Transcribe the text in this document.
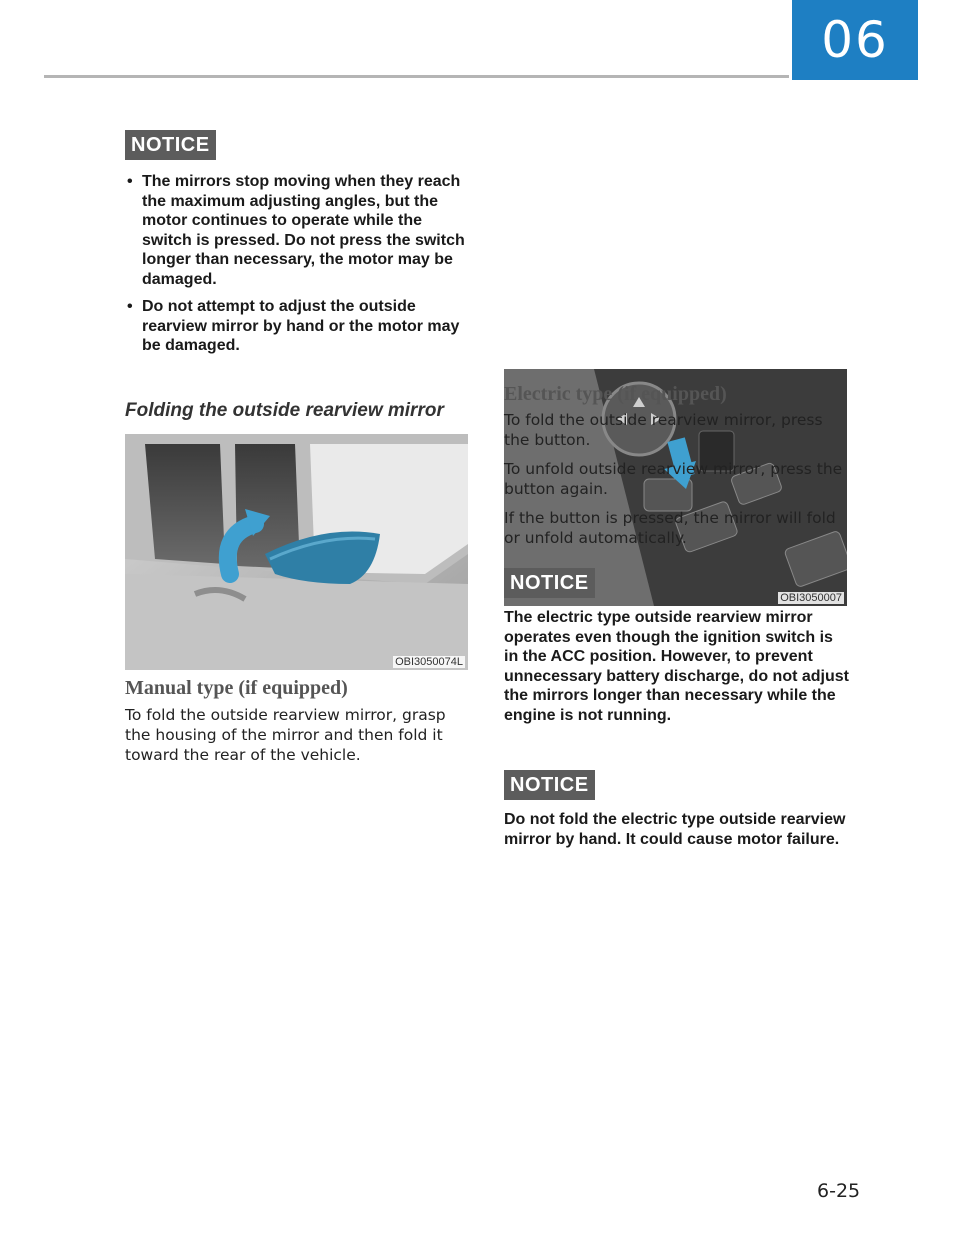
06
NOTICE
• The mirrors stop moving when they reach the maximum adjusting angles, but the motor continues to operate while the switch is pressed. Do not press the switch longer than necessary, the motor may be damaged.
• Do not attempt to adjust the outside rearview mirror by hand or the motor may be damaged.
Folding the outside rearview mirror
OBI3050074L
Manual type (if equipped)

To fold the outside rearview mirror, grasp the housing of the mirror and then fold it toward the rear of the vehicle.

OBI3050007
Electric type (if equipped)

To fold the outside rearview mirror, press the button.

To unfold outside rearview mirror, press the button again.

If the button is pressed, the mirror will fold or unfold automatically.

NOTICE

The electric type outside rearview mirror operates even though the ignition switch is in the ACC position. However, to prevent unnecessary battery discharge, do not adjust the mirrors longer than necessary while the engine is not running.

NOTICE

Do not fold the electric type outside rearview mirror by hand. It could cause motor failure.

6-25
